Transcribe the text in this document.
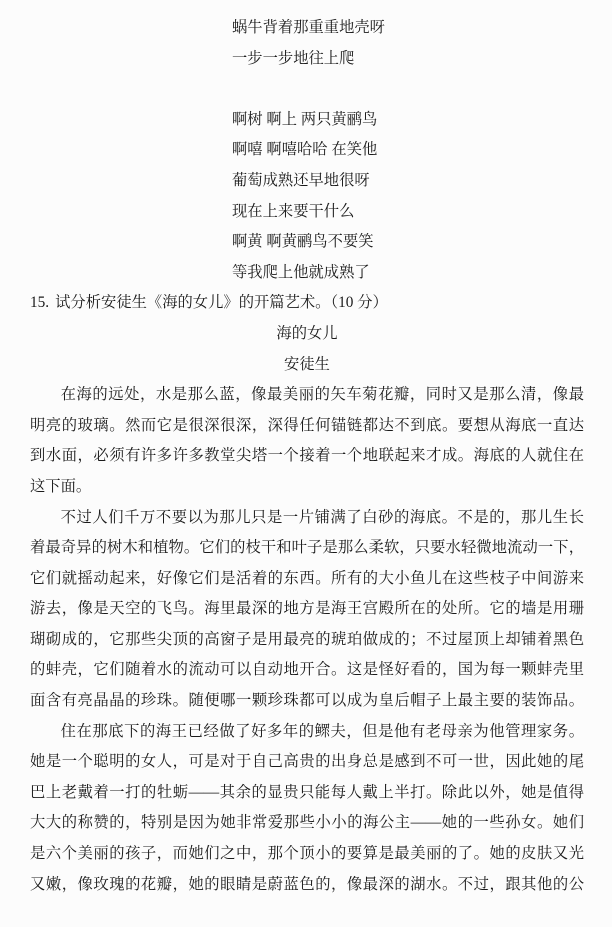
蜗牛背着那重重地壳呀
一步一步地往上爬
啊树 啊上 两只黄鹂鸟
啊嘻 啊嘻哈哈 在笑他
葡萄成熟还早地很呀
现在上来要干什么
啊黄 啊黄鹂鸟不要笑
等我爬上他就成熟了
15. 试分析安徒生《海的女儿》的开篇艺术。（10 分）
海的女儿
安徒生
在海的远处，水是那么蓝，像最美丽的矢车菊花瓣，同时又是那么清，像最
明亮的玻璃。然而它是很深很深，深得任何锚链都达不到底。要想从海底一直达
到水面，必须有许多许多教堂尖塔一个接着一个地联起来才成。海底的人就住在
这下面。
不过人们千万不要以为那儿只是一片铺满了白砂的海底。不是的，那儿生长
着最奇异的树木和植物。它们的枝干和叶子是那么柔软，只要水轻微地流动一下，
它们就摇动起来，好像它们是活着的东西。所有的大小鱼儿在这些枝子中间游来
游去，像是天空的飞鸟。海里最深的地方是海王宫殿所在的处所。它的墙是用珊
瑚砌成的，它那些尖顶的高窗子是用最亮的琥珀做成的；不过屋顶上却铺着黑色
的蚌壳，它们随着水的流动可以自动地开合。这是怪好看的，国为每一颗蚌壳里
面含有亮晶晶的珍珠。随便哪一颗珍珠都可以成为皇后帽子上最主要的装饰品。
住在那底下的海王已经做了好多年的鳏夫，但是他有老母亲为他管理家务。
她是一个聪明的女人，可是对于自己高贵的出身总是感到不可一世，因此她的尾
巴上老戴着一打的牡蛎——其余的显贵只能每人戴上半打。除此以外，她是值得
大大的称赞的，特别是因为她非常爱那些小小的海公主——她的一些孙女。她们
是六个美丽的孩子，而她们之中，那个顶小的要算是最美丽的了。她的皮肤又光
又嫩，像玫瑰的花瓣，她的眼睛是蔚蓝色的，像最深的湖水。不过，跟其他的公
